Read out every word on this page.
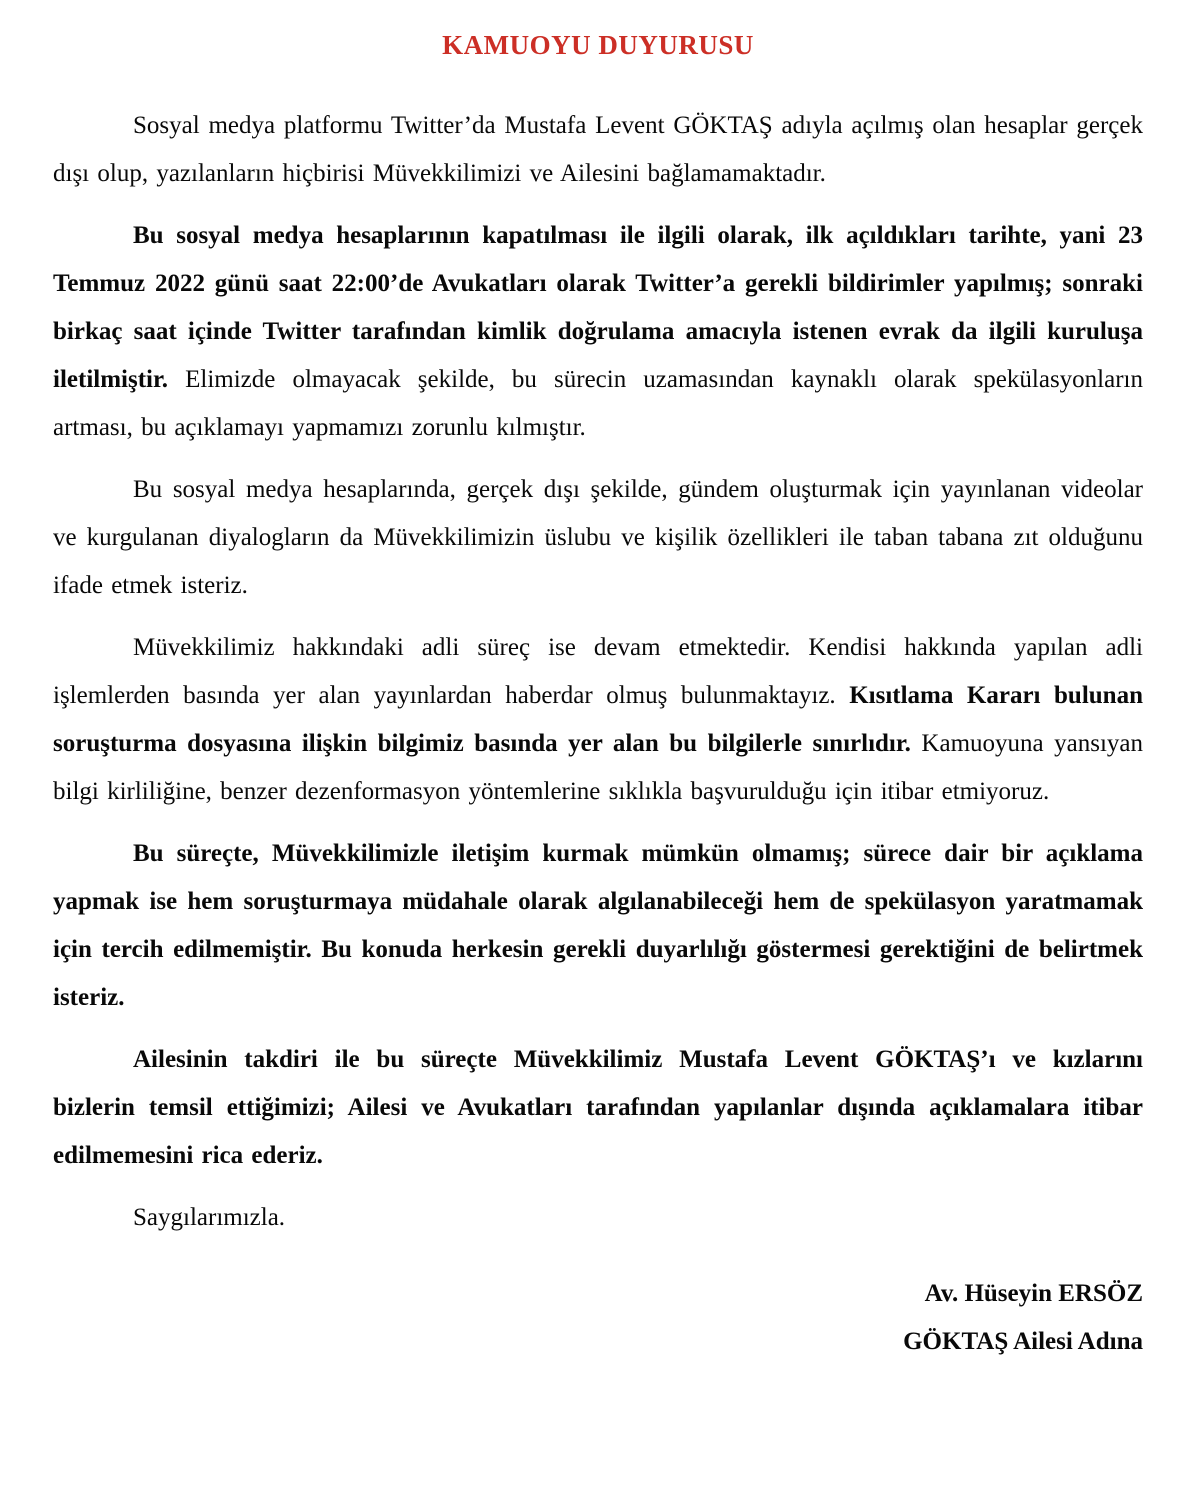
KAMUOYU DUYURUSU

Sosyal medya platformu Twitter’da Mustafa Levent GÖKTAŞ adıyla açılmış olan hesaplar gerçek dışı olup, yazılanların hiçbirisi Müvekkilimizi ve Ailesini bağlamamaktadır.

Bu sosyal medya hesaplarının kapatılması ile ilgili olarak, ilk açıldıkları tarihte, yani 23 Temmuz 2022 günü saat 22:00’de Avukatları olarak Twitter’a gerekli bildirimler yapılmış; sonraki birkaç saat içinde Twitter tarafından kimlik doğrulama amacıyla istenen evrak da ilgili kuruluşa iletilmiştir. Elimizde olmayacak şekilde, bu sürecin uzamasından kaynaklı olarak spekülasyonların artması, bu açıklamayı yapmamızı zorunlu kılmıştır.

Bu sosyal medya hesaplarında, gerçek dışı şekilde, gündem oluşturmak için yayınlanan videolar ve kurgulanan diyalogların da Müvekkilimizin üslubu ve kişilik özellikleri ile taban tabana zıt olduğunu ifade etmek isteriz.

Müvekkilimiz hakkındaki adli süreç ise devam etmektedir. Kendisi hakkında yapılan adli işlemlerden basında yer alan yayınlardan haberdar olmuş bulunmaktayız. Kısıtlama Kararı bulunan soruşturma dosyasına ilişkin bilgimiz basında yer alan bu bilgilerle sınırlıdır. Kamuoyuna yansıyan bilgi kirliliğine, benzer dezenformasyon yöntemlerine sıklıkla başvurulduğu için itibar etmiyoruz.

Bu süreçte, Müvekkilimizle iletişim kurmak mümkün olmamış; sürece dair bir açıklama yapmak ise hem soruşturmaya müdahale olarak algılanabileceği hem de spekülasyon yaratmamak için tercih edilmemiştir. Bu konuda herkesin gerekli duyarlılığı göstermesi gerektiğini de belirtmek isteriz.

Ailesinin takdiri ile bu süreçte Müvekkilimiz Mustafa Levent GÖKTAŞ’ı ve kızlarını bizlerin temsil ettiğimizi; Ailesi ve Avukatları tarafından yapılanlar dışında açıklamalara itibar edilmemesini rica ederiz.

Saygılarımızla.

Av. Hüseyin ERSÖZ

GÖKTAŞ Ailesi Adına
